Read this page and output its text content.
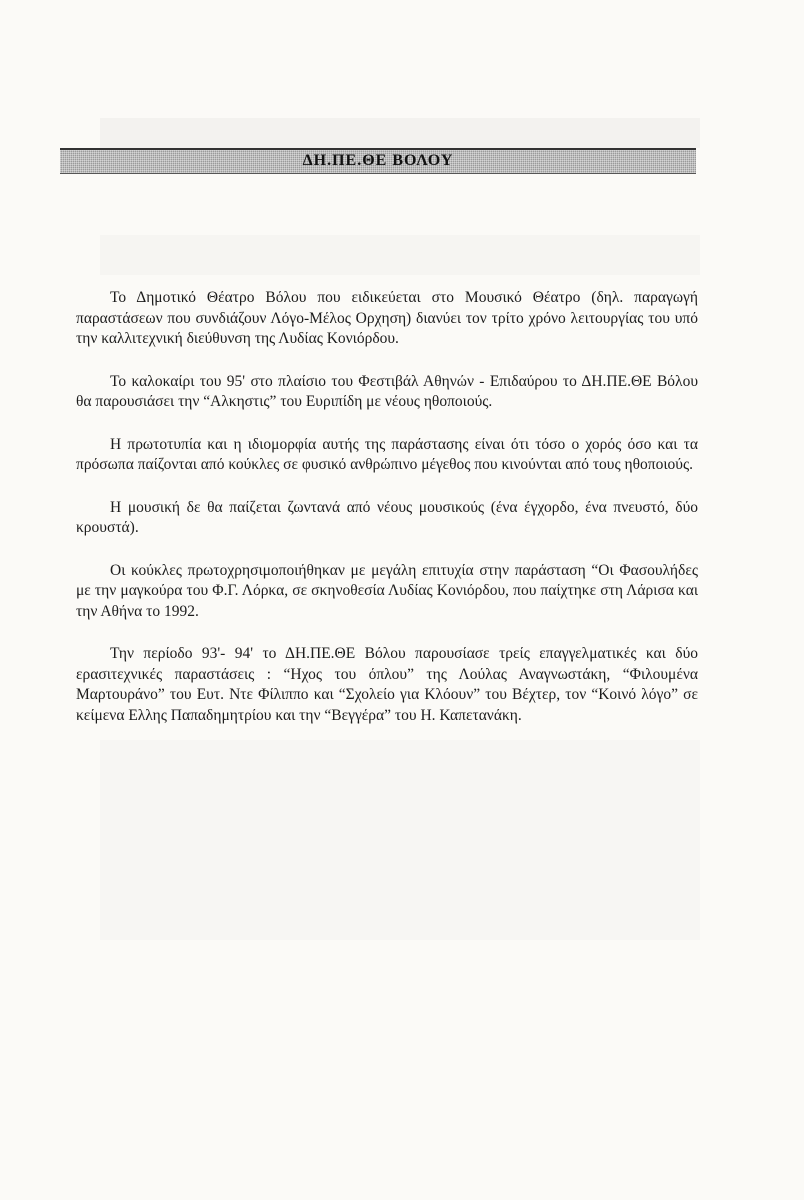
ΔΗ.ΠΕ.ΘΕ ΒΟΛΟΥ

Το Δημοτικό Θέατρο Βόλου που ειδικεύεται στο Μουσικό Θέατρο (δηλ. παραγωγή παραστάσεων που συνδιάζουν Λόγο-Μέλος Ορχηση) διανύει τον τρίτο χρόνο λειτουργίας του υπό την καλλιτεχνική διεύθυνση της Λυδίας Κονιόρδου.

Το καλοκαίρι του 95' στο πλαίσιο του Φεστιβάλ Αθηνών - Επιδαύρου το ΔΗ.ΠΕ.ΘΕ Βόλου θα παρουσιάσει την “Αλκηστις” του Ευριπίδη με νέους ηθοποιούς.

Η πρωτοτυπία και η ιδιομορφία αυτής της παράστασης είναι ότι τόσο ο χορός όσο και τα πρόσωπα παίζονται από κούκλες σε φυσικό ανθρώπινο μέγεθος που κινούνται από τους ηθοποιούς.

Η μουσική δε θα παίζεται ζωντανά από νέους μουσικούς (ένα έγχορδο, ένα πνευστό, δύο κρουστά).

Οι κούκλες πρωτοχρησιμοποιήθηκαν με μεγάλη επιτυχία στην παράσταση “Οι Φασουλήδες με την μαγκούρα του Φ.Γ. Λόρκα, σε σκηνοθεσία Λυδίας Κονιόρδου, που παίχτηκε στη Λάρισα και την Αθήνα το 1992.

Την περίοδο 93'- 94' το ΔΗ.ΠΕ.ΘΕ Βόλου παρουσίασε τρείς επαγγελματικές και δύο ερασιτεχνικές παραστάσεις : “Ηχος του όπλου” της Λούλας Αναγνωστάκη, “Φιλουμένα Μαρτουράνο” του Ευτ. Ντε Φίλιππο και “Σχολείο για Κλόουν” του Βέχτερ, τον “Κοινό λόγο” σε κείμενα Ελλης Παπαδημητρίου και την “Βεγγέρα” του Η. Καπετανάκη.
